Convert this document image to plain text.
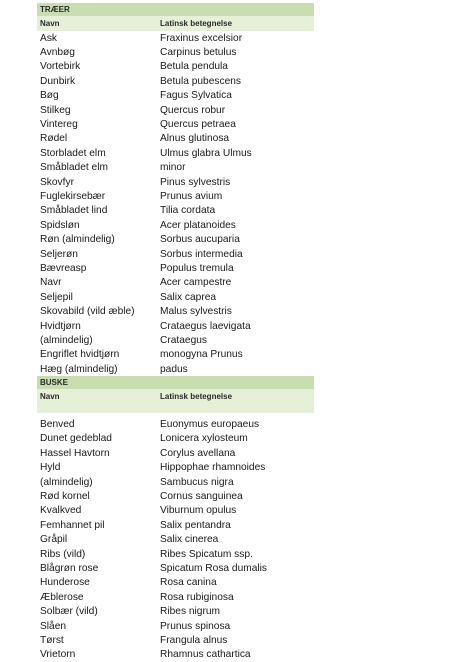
TRÆER
Navn	Latinsk betegnelse
Ask	Fraxinus excelsior
Avnbøg	Carpinus betulus
Vortebirk	Betula pendula
Dunbirk	Betula pubescens
Bøg	Fagus Sylvatica
Stilkeg	Quercus robur
Vintereg	Quercus petraea
Rødel	Alnus glutinosa
Storbladet elm	Ulmus glabra Ulmus
Småbladet elm	minor
Skovfyr	Pinus sylvestris
Fuglekirsebær	Prunus avium
Småbladet lind	Tilia cordata
Spidsløn	Acer platanoides
Røn (almindelig)	Sorbus aucuparia
Seljerøn	Sorbus intermedia
Bævreasp	Populus tremula
Navr	Acer campestre
Seljepil	Salix caprea
Skovabild (vild æble)	Malus sylvestris
Hvidtjørn	Crataegus laevigata
(almindelig)	Crataegus
Engriflet hvidtjørn	monogyna Prunus
Hæg (almindelig)	padus
BUSKE
Navn	Latinsk betegnelse
Benved	Euonymus europaeus
Dunet gedeblad	Lonicera xylosteum
Hassel Havtorn	Corylus avellana
Hyld	Hippophae rhamnoides
(almindelig)	Sambucus nigra
Rød kornel	Cornus sanguinea
Kvalkved	Viburnum opulus
Femhannet pil	Salix pentandra
Gråpil	Salix cinerea
Ribs (vild)	Ribes Spicatum ssp.
Blågrøn rose	Spicatum Rosa dumalis
Hunderose	Rosa canina
Æblerose	Rosa rubiginosa
Solbær (vild)	Ribes nigrum
Slåen	Prunus spinosa
Tørst	Frangula alnus
Vrietorn	Rhamnus cathartica
